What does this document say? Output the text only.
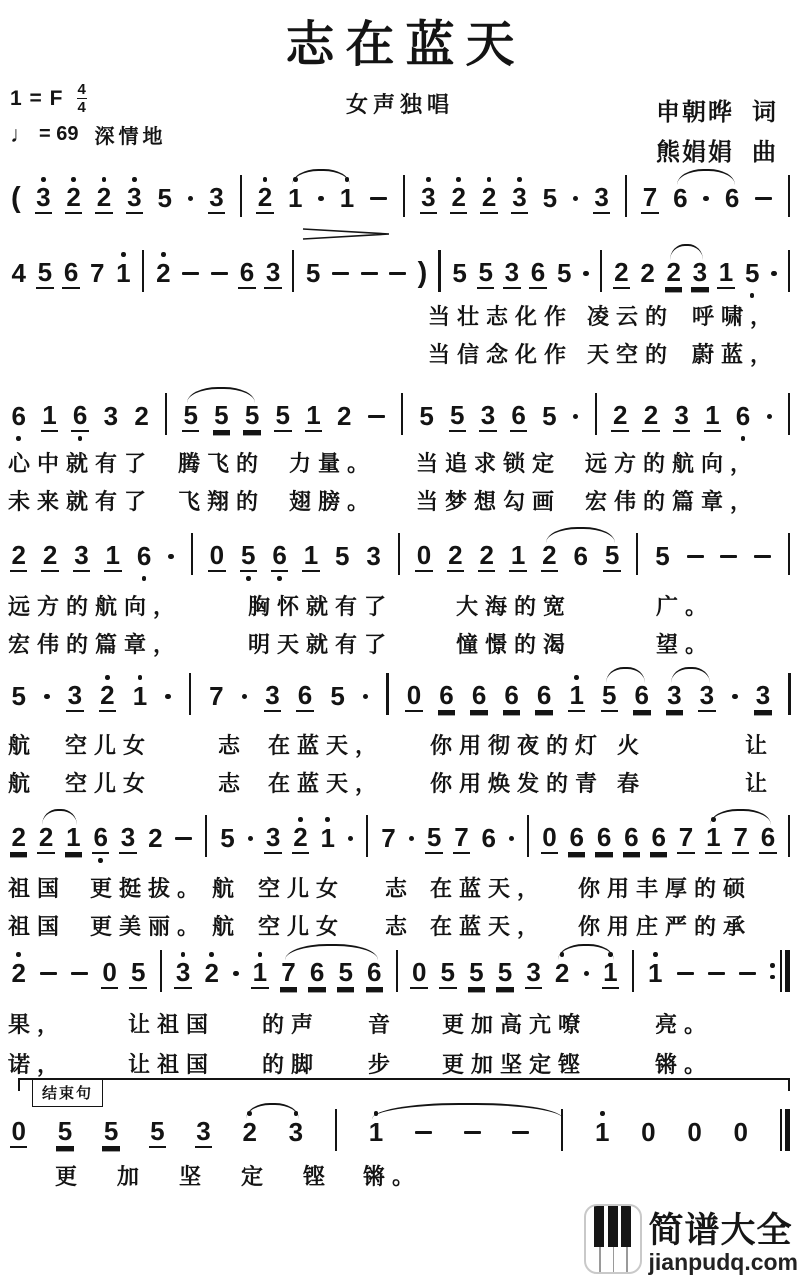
志在蓝天
女声独唱
1 = F $\frac{4}{4}$
♩ = 69 深情地
申朝晔 词
熊娟娟 曲
( 3 2 2 3 5 3 2 1 1	3 2 2 3 5 3 7 6 6
4 5 6 7 1 2	6 3 5	) 5 5 3 6 5 2 2 2 3 1 5
当壮志化作 凌云的 呼啸，
当信念化作 天空的 蔚蓝，
6 1 6 3 2 5 5 5 5 1 2	5 5 3 6 5 2 2 3 1 6
心中就有了 腾飞的 力量。 当追求锁定 远方的航向，
未来就有了 飞翔的 翅膀。 当梦想勾画 宏伟的篇章，
2 2 3 1 6 0 5 6 1 5 3 0 2 2 1 2 6 5 5
远方的航向，	胸怀就有了	大海的宽	广。
宏伟的篇章，	明天就有了	憧憬的渴	望。
5 3 2 1 7 3 6 5 0 6 6 6 6 1 5 6 3 3 3
航 空儿女	志 在蓝天， 你用彻夜的灯 火	让
航 空儿女	志 在蓝天， 你用焕发的青 春	让
2 2 1 6 3 2 5 3 2 1 7 5 7 6 0 6 6 6 6 7 1 7 6
祖国 更挺拔。 航 空儿女 志 在蓝天， 你用丰厚的硕
祖国 更美丽。 航 空儿女 志 在蓝天， 你用庄严的承
2	0 5 3 2 1 7 6 5 6 0 5 5 5 3 2 1 1
果，	让祖国 的声 音 更加高亢嘹	亮。
诺，	让祖国 的脚 步 更加坚定铿	锵。
0 5 5 5 3 2 3	1	1 0 0 0
更 加 坚 定 铿 锵。
结束句
简谱大全
jianpudq.com
